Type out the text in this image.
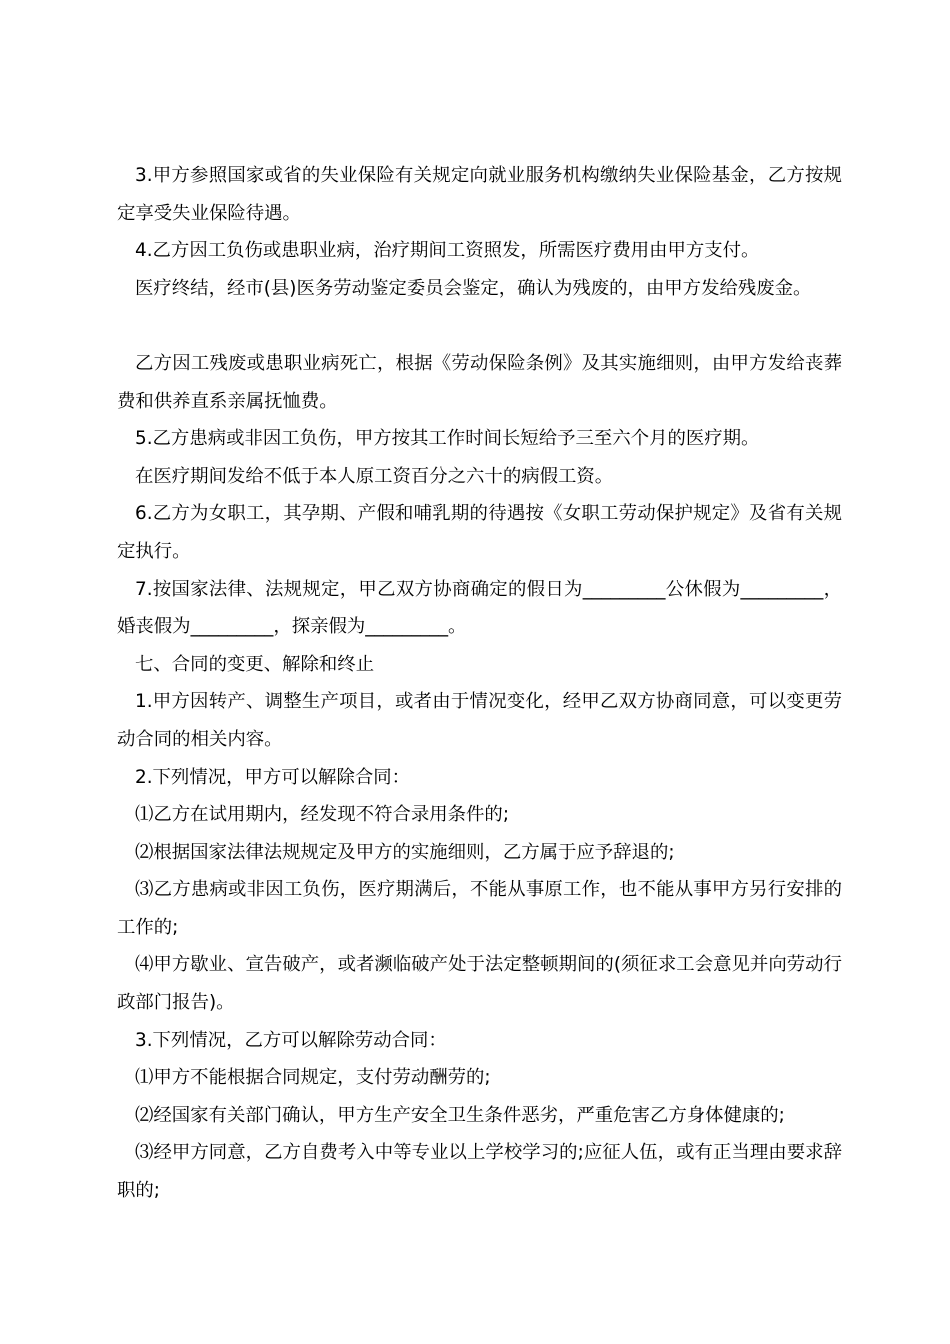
3.甲方参照国家或省的失业保险有关规定向就业服务机构缴纳失业保险基金，乙方按规定享受失业保险待遇。

4.乙方因工负伤或患职业病，治疗期间工资照发，所需医疗费用由甲方支付。

医疗终结，经市(县)医务劳动鉴定委员会鉴定，确认为残废的，由甲方发给残废金。

乙方因工残废或患职业病死亡，根据《劳动保险条例》及其实施细则，由甲方发给丧葬费和供养直系亲属抚恤费。

5.乙方患病或非因工负伤，甲方按其工作时间长短给予三至六个月的医疗期。

在医疗期间发给不低于本人原工资百分之六十的病假工资。

6.乙方为女职工，其孕期、产假和哺乳期的待遇按《女职工劳动保护规定》及省有关规定执行。

7.按国家法律、法规规定，甲乙双方协商确定的假日为_________公休假为_________，婚丧假为_________，探亲假为_________。

七、合同的变更、解除和终止

1.甲方因转产、调整生产项目，或者由于情况变化，经甲乙双方协商同意，可以变更劳动合同的相关内容。

2.下列情况，甲方可以解除合同：

⑴乙方在试用期内，经发现不符合录用条件的;

⑵根据国家法律法规规定及甲方的实施细则，乙方属于应予辞退的;

⑶乙方患病或非因工负伤，医疗期满后，不能从事原工作，也不能从事甲方另行安排的工作的;

⑷甲方歇业、宣告破产，或者濒临破产处于法定整顿期间的(须征求工会意见并向劳动行政部门报告)。

3.下列情况，乙方可以解除劳动合同：

⑴甲方不能根据合同规定，支付劳动酬劳的;

⑵经国家有关部门确认，甲方生产安全卫生条件恶劣，严重危害乙方身体健康的;

⑶经甲方同意，乙方自费考入中等专业以上学校学习的;应征人伍，或有正当理由要求辞职的;
